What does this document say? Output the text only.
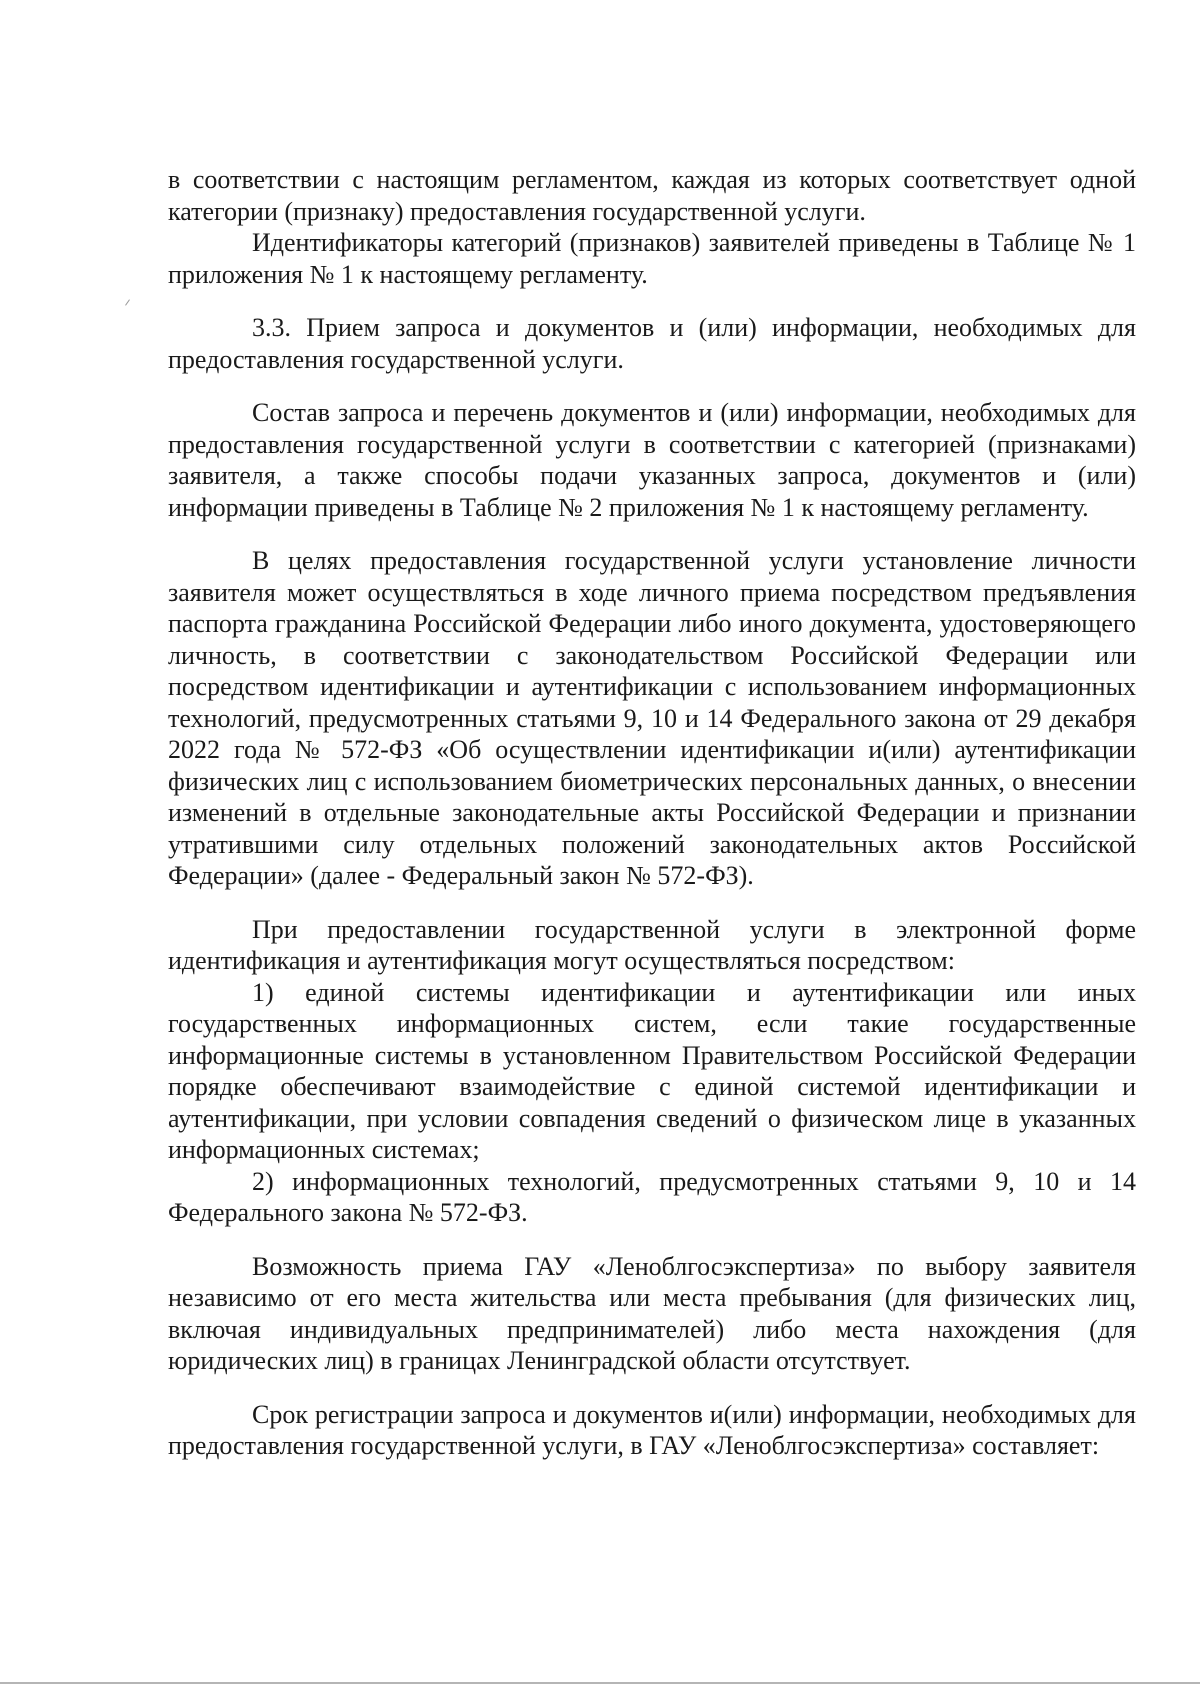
в соответствии с настоящим регламентом, каждая из которых соответствует одной категории (признаку) предоставления государственной услуги.

Идентификаторы категорий (признаков) заявителей приведены в Таблице № 1 приложения № 1 к настоящему регламенту.

3.3. Прием запроса и документов и (или) информации, необходимых для предоставления государственной услуги.

Состав запроса и перечень документов и (или) информации, необходимых для предоставления государственной услуги в соответствии с категорией (признаками) заявителя, а также способы подачи указанных запроса, документов и (или) информации приведены в Таблице № 2 приложения № 1 к настоящему регламенту.

В целях предоставления государственной услуги установление личности заявителя может осуществляться в ходе личного приема посредством предъявления паспорта гражданина Российской Федерации либо иного документа, удостоверяющего личность, в соответствии с законодательством Российской Федерации или посредством идентификации и аутентификации с использованием информационных технологий, предусмотренных статьями 9, 10 и 14 Федерального закона от 29 декабря 2022 года № 572-ФЗ «Об осуществлении идентификации и(или) аутентификации физических лиц с использованием биометрических персональных данных, о внесении изменений в отдельные законодательные акты Российской Федерации и признании утратившими силу отдельных положений законодательных актов Российской Федерации» (далее - Федеральный закон № 572-ФЗ).

При предоставлении государственной услуги в электронной форме идентификация и аутентификация могут осуществляться посредством:

1) единой системы идентификации и аутентификации или иных государственных информационных систем, если такие государственные информационные системы в установленном Правительством Российской Федерации порядке обеспечивают взаимодействие с единой системой идентификации и аутентификации, при условии совпадения сведений о физическом лице в указанных информационных системах;

2) информационных технологий, предусмотренных статьями 9, 10 и 14 Федерального закона № 572-ФЗ.

Возможность приема ГАУ «Леноблгосэкспертиза» по выбору заявителя независимо от его места жительства или места пребывания (для физических лиц, включая индивидуальных предпринимателей) либо места нахождения (для юридических лиц) в границах Ленинградской области отсутствует.

Срок регистрации запроса и документов и(или) информации, необходимых для предоставления государственной услуги, в ГАУ «Леноблгосэкспертиза» составляет:
